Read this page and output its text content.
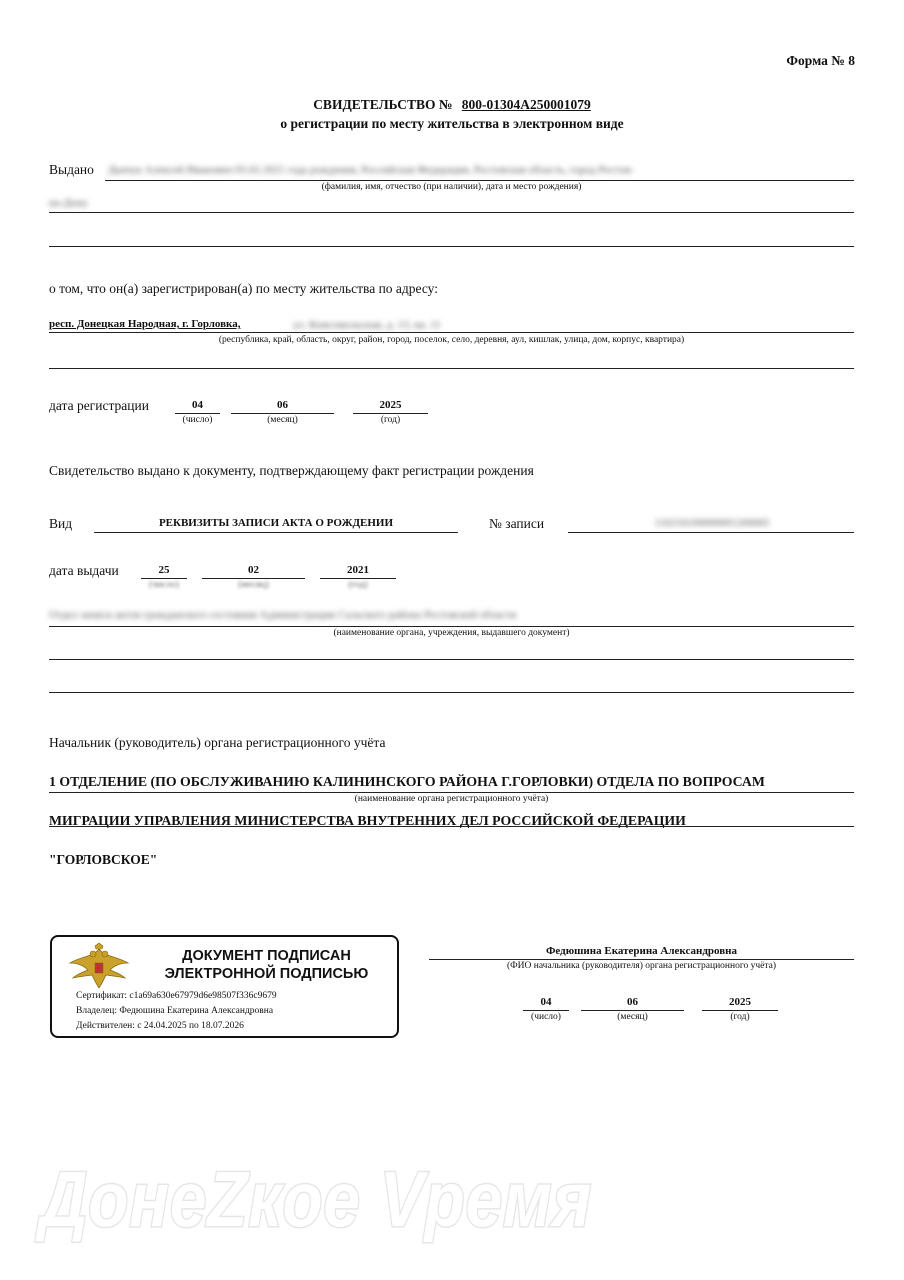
Форма № 8
СВИДЕТЕЛЬСТВО № 800-01304А250001079
о регистрации по месту жительства в электронном виде
Выдано Дьячук Алексей Иванович 05.02.2021 года рождения, Российская Федерация, Ростовская область, город Ростов-
(фамилия, имя, отчество (при наличии), дата и место рождения)
на-Дону
о том, что он(а) зарегистрирован(а) по месту жительства по адресу:
респ. Донецкая Народная, г. Горловка,	ул. Комсомольская, д. 13, кв. 11
(республика, край, область, округ, район, город, поселок, село, деревня, аул, кишлак, улица, дом, корпус, квартира)
дата регистрации	04
(число)
06
(месяц)
2025
(год)
Свидетельство выдано к документу, подтверждающему факт регистрации рождения
Вид	РЕКВИЗИТЫ ЗАПИСИ АКТА О РОЖДЕНИИ	№ записи	110216100000001200005
дата выдачи	25
(число)
02
(месяц)
2021
(год)
Отдел записи актов гражданского состояния Администрации Сальского района Ростовской области
(наименование органа, учреждения, выдавшего документ)
Начальник (руководитель) органа регистрационного учёта
1 ОТДЕЛЕНИЕ (ПО ОБСЛУЖИВАНИЮ КАЛИНИНСКОГО РАЙОНА Г.ГОРЛОВКИ) ОТДЕЛА ПО ВОПРОСАМ
(наименование органа регистрационного учёта)
МИГРАЦИИ УПРАВЛЕНИЯ МИНИСТЕРСТВА ВНУТРЕННИХ ДЕЛ РОССИЙСКОЙ ФЕДЕРАЦИИ
"ГОРЛОВСКОЕ"
ДОКУМЕНТ ПОДПИСАН
ЭЛЕКТРОННОЙ ПОДПИСЬЮ
Сертификат: c1a69a630e67979d6e98507f336c9679
Владелец: Федюшина Екатерина Александровна
Действителен: с 24.04.2025 по 18.07.2026
Федюшина Екатерина Александровна
(ФИО начальника (руководителя) органа регистрационного учёта)
04
(число)
06
(месяц)
2025
(год)
ДонеZкое Vремя
